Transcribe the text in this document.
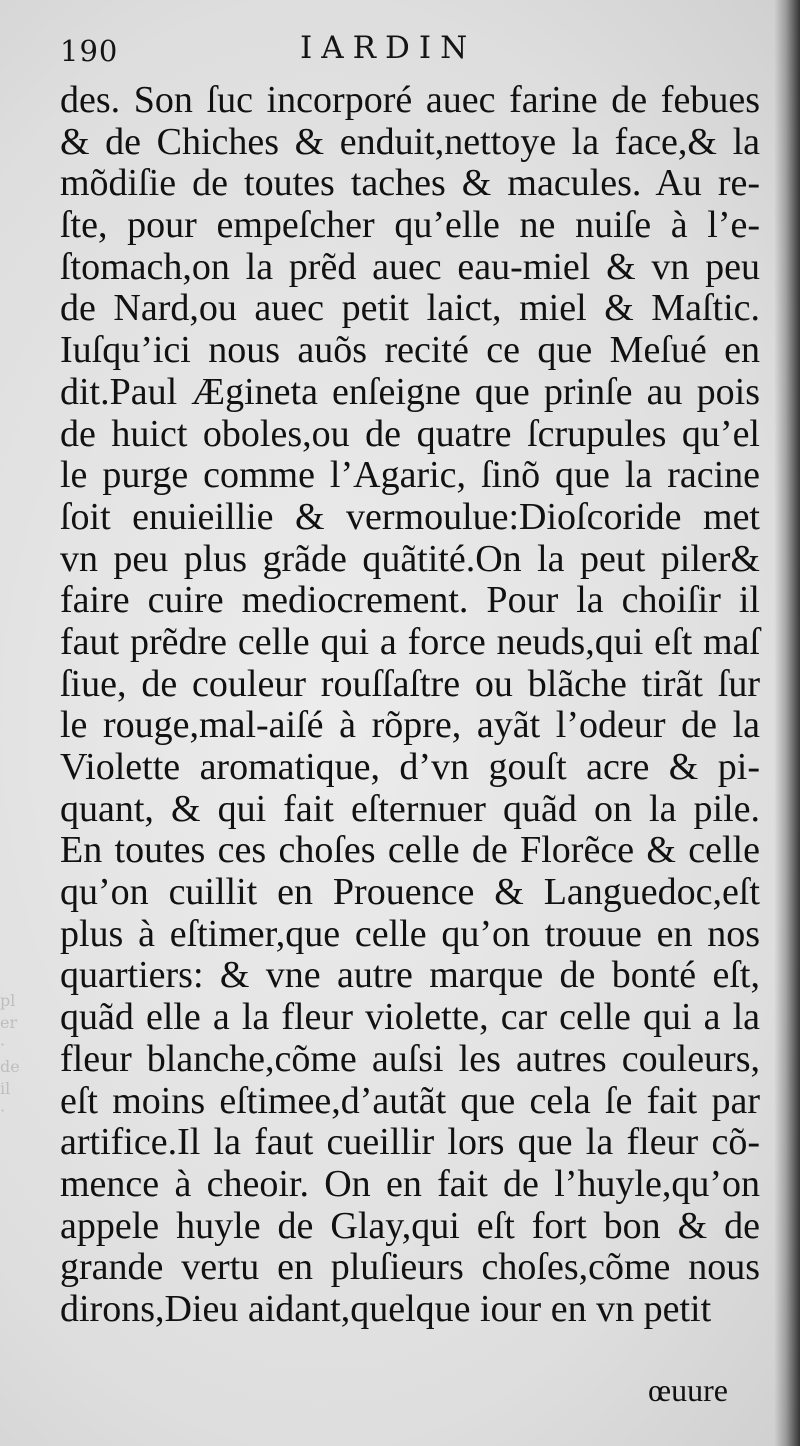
pl
er
·
de
il
·
190	IARDIN
des. Son ſuc incorporé auec farine de febues
& de Chiches & enduit,nettoye la face,& la
mõdiſie de toutes taches & macules. Au re-
ſte, pour empeſcher qu’elle ne nuiſe à l’e-
ſtomach,on la prẽd auec eau-miel & vn peu
de Nard,ou auec petit laict, miel & Maſtic.
Iuſqu’ici nous auõs recité ce que Meſué en
dit.Paul Ægineta enſeigne que prinſe au pois
de huict oboles,ou de quatre ſcrupules qu’el
le purge comme l’Agaric, ſinõ que la racine
ſoit enuieillie & vermoulue:Dioſcoride met
vn peu plus grãde quãtité.On la peut piler&
faire cuire mediocrement. Pour la choiſir il
faut prẽdre celle qui a force neuds,qui eſt maſ
ſiue, de couleur rouſſaſtre ou blãche tirãt ſur
le rouge,mal-aiſé à rõpre, ayãt l’odeur de la
Violette aromatique, d’vn gouſt acre & pi-
quant, & qui fait eſternuer quãd on la pile.
En toutes ces choſes celle de Florẽce & celle
qu’on cuillit en Prouence & Languedoc,eſt
plus à eſtimer,que celle qu’on trouue en nos
quartiers: & vne autre marque de bonté eſt,
quãd elle a la fleur violette, car celle qui a la
fleur blanche,cõme auſsi les autres couleurs,
eſt moins eſtimee,d’autãt que cela ſe fait par
artifice.Il la faut cueillir lors que la fleur cõ-
mence à cheoir. On en fait de l’huyle,qu’on
appele huyle de Glay,qui eſt fort bon & de
grande vertu en pluſieurs choſes,cõme nous
dirons,Dieu aidant,quelque iour en vn petit
œuure
